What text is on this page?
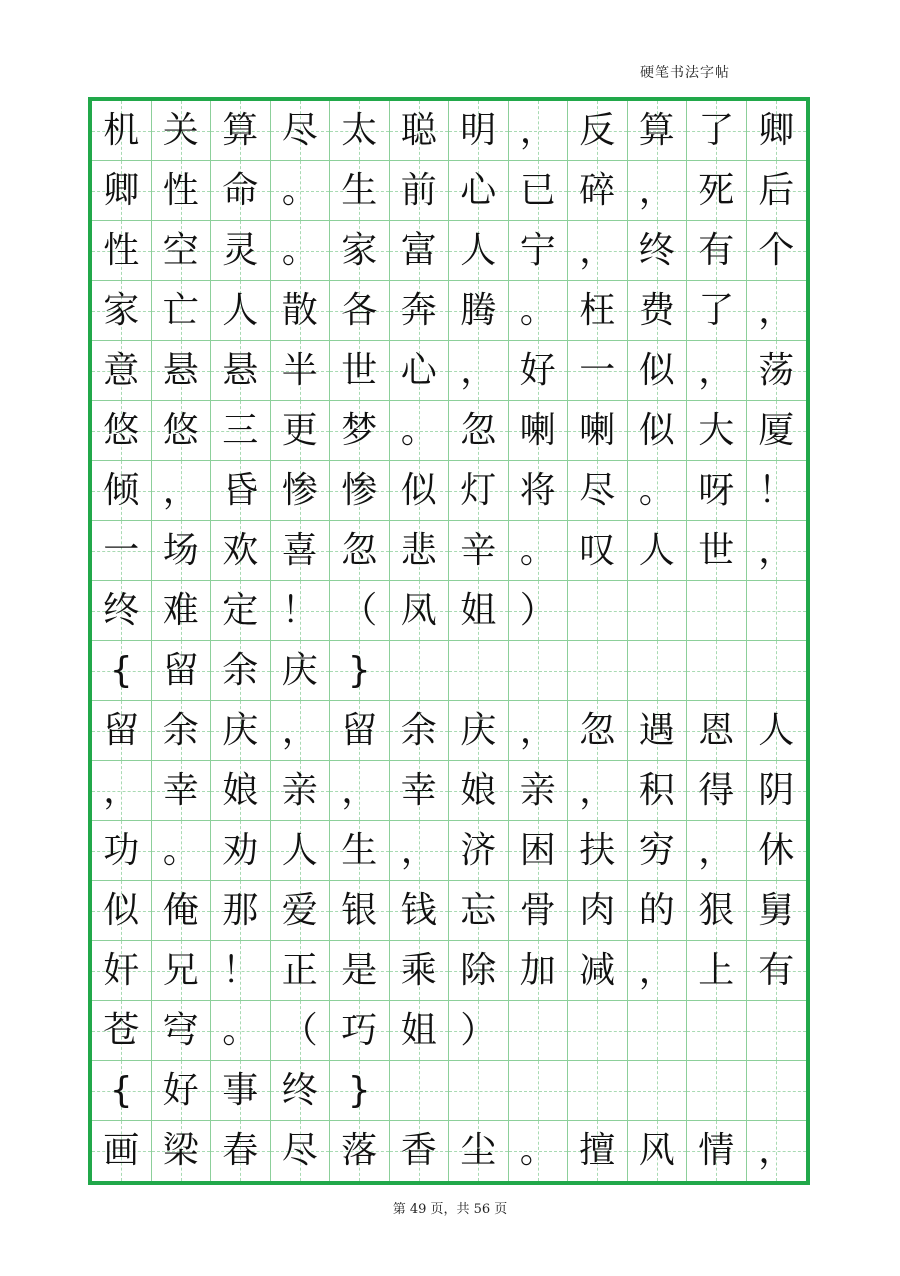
硬笔书法字帖
机 关 算 尽 太 聪 明 ， 反 算 了 卿
卿 性 命 。 生 前 心 已 碎 ， 死 后
性 空 灵 。 家 富 人 宁 ， 终 有 个
家 亡 人 散 各 奔 腾 。 枉 费 了 ，
意 悬 悬 半 世 心 ， 好 一 似 ， 荡
悠 悠 三 更 梦 。 忽 喇 喇 似 大 厦
倾 ， 昏 惨 惨 似 灯 将 尽 。 呀 ！
一 场 欢 喜 忽 悲 辛 。 叹 人 世 ，
终 难 定 ！ （ 凤 姐 ）
{ 留 余 庆 }
留 余 庆 ， 留 余 庆 ， 忽 遇 恩 人
， 幸 娘 亲 ， 幸 娘 亲 ， 积 得 阴
功 。 劝 人 生 ， 济 困 扶 穷 ， 休
似 俺 那 爱 银 钱 忘 骨 肉 的 狠 舅
奸 兄 ！ 正 是 乘 除 加 减 ， 上 有
苍 穹 。 （ 巧 姐 ）
{ 好 事 终 }
画 梁 春 尽 落 香 尘 。 擅 风 情 ，
第 49 页，共 56 页
